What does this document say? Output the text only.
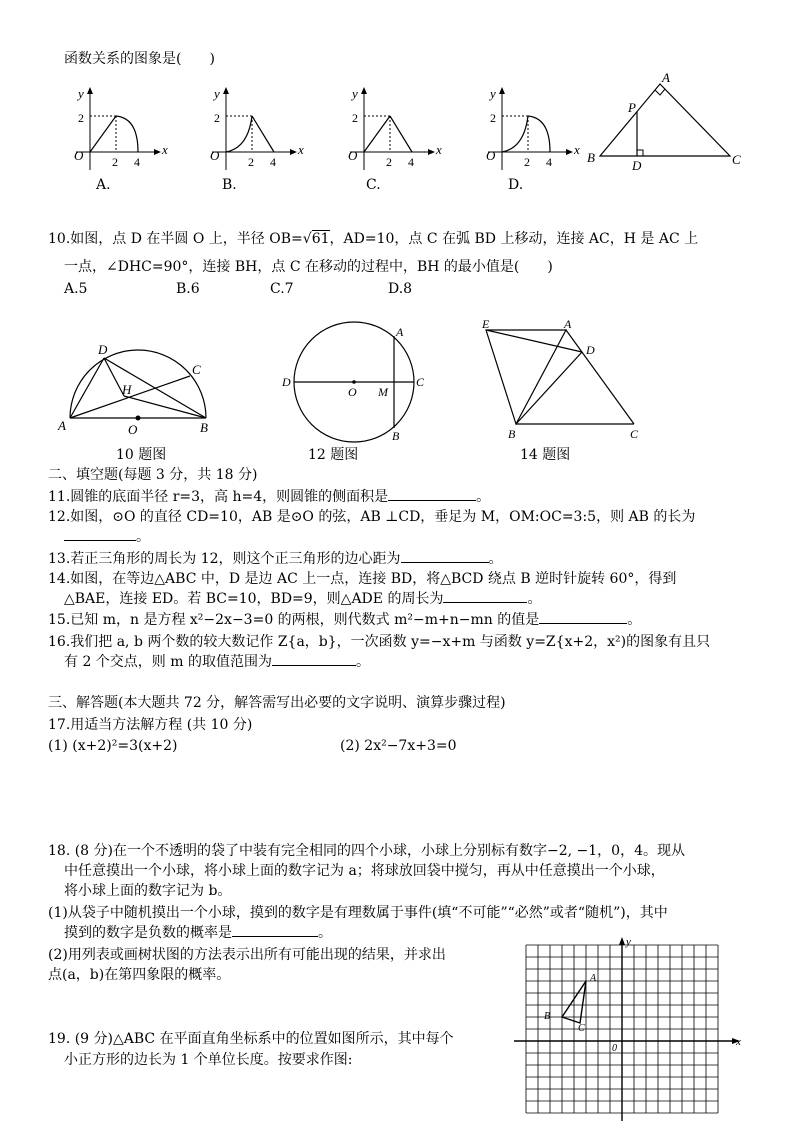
函数关系的图象是(　　)
y
x
O
2
2 4
y
x
O
2
2 4
y
x
O
2
2 4
y
x
O
2
2 4
A.	B.	C.	D.
A
P
B
D	C
10.如图，点 D 在半圆 O 上，半径 OB= √ 61，AD=10，点 C 在弧 BD 上移动，连接 AC，H 是 AC 上
一点，∠DHC=90°，连接 BH，点 C 在移动的过程中，BH 的最小值是(　　)
A.5	B.6	C.7	D.8
D
C
H
A	O	B
10 题图
A
D
O M
C
B
12 题图
E	A
D
B	C
14 题图
二、填空题(每题 3 分，共 18 分)
11.圆锥的底面半径 r=3，高 h=4，则圆锥的侧面积是	。
12.如图，⊙O 的直径 CD=10，AB 是⊙O 的弦，AB ⊥CD，垂足为 M，OM:OC=3:5，则 AB 的长为
。
13.若正三角形的周长为 12，则这个正三角形的边心距为	。
14.如图，在等边△ABC 中，D 是边 AC 上一点，连接 BD，将△BCD 绕点 B 逆时针旋转 60°，得到
△BAE，连接 ED。若 BC=10，BD=9，则△ADE 的周长为	。
15.已知 m，n 是方程 x²−2x−3=0 的两根，则代数式 m²−m+n−mn 的值是	。
16.我们把 a, b 两个数的较大数记作 Z{a，b}，一次函数 y=−x+m 与函数 y=Z{x+2，x²)的图象有且只
有 2 个交点，则 m 的取值范围为	。
三、解答题(本大题共 72 分，解答需写出必要的文字说明、演算步骤过程)
17.用适当方法解方程 (共 10 分)
(1) (x+2)²=3(x+2)	(2) 2x²−7x+3=0
18. (8 分)在一个不透明的袋了中装有完全相同的四个小球，小球上分别标有数字−2, −1，0，4。现从
中任意摸出一个小球，将小球上面的数字记为 a；将球放回袋中搅匀，再从中任意摸出一个小球，
将小球上面的数字记为 b。
(1)从袋子中随机摸出一个小球，摸到的数字是有理数属于事件(填“不可能”“必然”或者“随机”)，其中
摸到的数字是负数的概率是	。
(2)用列表或画树状图的方法表示出所有可能出现的结果，并求出
点(a，b)在第四象限的概率。
19. (9 分)△ABC 在平面直角坐标系中的位置如图所示，其中每个
小正方形的边长为 1 个单位长度。按要求作图:
y
x
0
A
B
C
